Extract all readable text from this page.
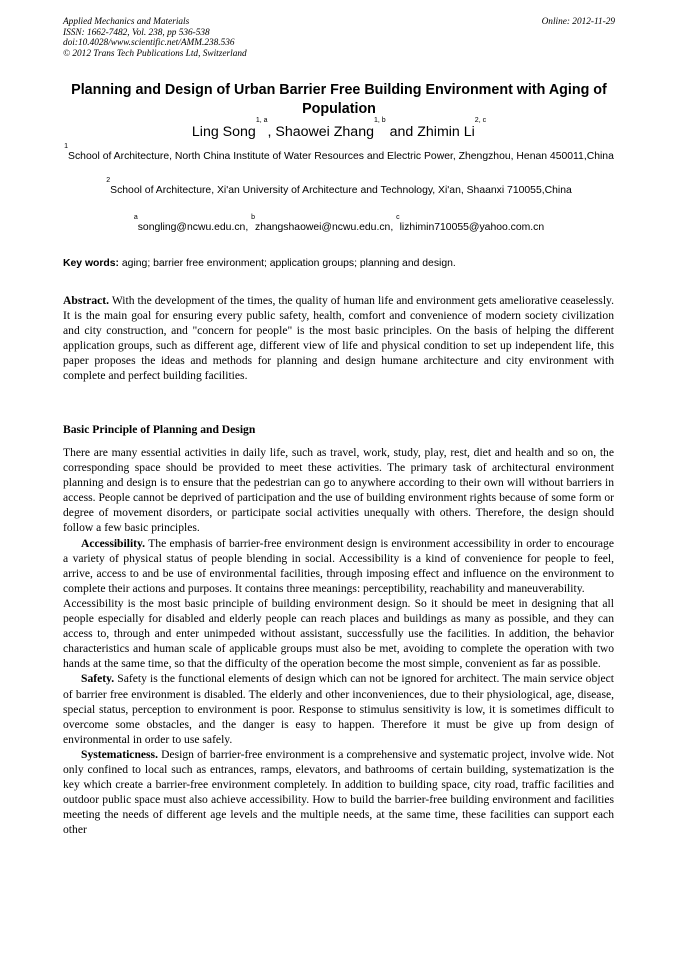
Applied Mechanics and Materials
ISSN: 1662-7482, Vol. 238, pp 536-538
doi:10.4028/www.scientific.net/AMM.238.536
© 2012 Trans Tech Publications Ltd, Switzerland
Online: 2012-11-29
Planning and Design of Urban Barrier Free Building Environment with Aging of Population
Ling Song$^{1, a}$, Shaowei Zhang$^{1, b}$ and Zhimin Li$^{2, c}$
$^1$School of Architecture, North China Institute of Water Resources and Electric Power, Zhengzhou, Henan 450011,China
$^2$School of Architecture, Xi'an University of Architecture and Technology, Xi'an, Shaanxi 710055,China
$^a$songling@ncwu.edu.cn, $^b$zhangshaowei@ncwu.edu.cn, $^c$lizhimin710055@yahoo.com.cn
Key words: aging; barrier free environment; application groups; planning and design.
Abstract. With the development of the times, the quality of human life and environment gets ameliorative ceaselessly. It is the main goal for ensuring every public safety, health, comfort and convenience of modern society civilization and city construction, and "concern for people" is the most basic principles. On the basis of helping the different application groups, such as different age, different view of life and physical condition to set up independent life, this paper proposes the ideas and methods for planning and design humane architecture and city environment with complete and perfect building facilities.
Basic Principle of Planning and Design

There are many essential activities in daily life, such as travel, work, study, play, rest, diet and health and so on, the corresponding space should be provided to meet these activities. The primary task of architectural environment planning and design is to ensure that the pedestrian can go to anywhere according to their own will without barriers in access. People cannot be deprived of participation and the use of building environment rights because of some form or degree of movement disorders, or participate social activities unequally with others. Therefore, the design should follow a few basic principles.

Accessibility. The emphasis of barrier-free environment design is environment accessibility in order to encourage a variety of physical status of people blending in social. Accessibility is a kind of convenience for people to feel, arrive, access to and be use of environmental facilities, through imposing effect and influence on the environment to complete their actions and purposes. It contains three meanings: perceptibility, reachability and maneuverability.

Accessibility is the most basic principle of building environment design. So it should be meet in designing that all people especially for disabled and elderly people can reach places and buildings as many as possible, and they can access to, through and enter unimpeded without assistant, successfully use the facilities. In addition, the behavior characteristics and human scale of applicable groups must also be met, avoiding to complete the operation with two hands at the same time, so that the difficulty of the operation become the most simple, convenient as far as possible.

Safety. Safety is the functional elements of design which can not be ignored for architect. The main service object of barrier free environment is disabled. The elderly and other inconveniences, due to their physiological, age, disease, special status, perception to environment is poor. Response to stimulus sensitivity is low, it is sometimes difficult to overcome some obstacles, and the danger is easy to happen. Therefore it must be give up from design of environmental in order to use safely.

Systematicness. Design of barrier-free environment is a comprehensive and systematic project, involve wide. Not only confined to local such as entrances, ramps, elevators, and bathrooms of certain building, systematization is the key which create a barrier-free environment completely. In addition to building space, city road, traffic facilities and outdoor public space must also achieve accessibility. How to build the barrier-free building environment and facilities meeting the needs of different age levels and the multiple needs, at the same time, these facilities can support each other
